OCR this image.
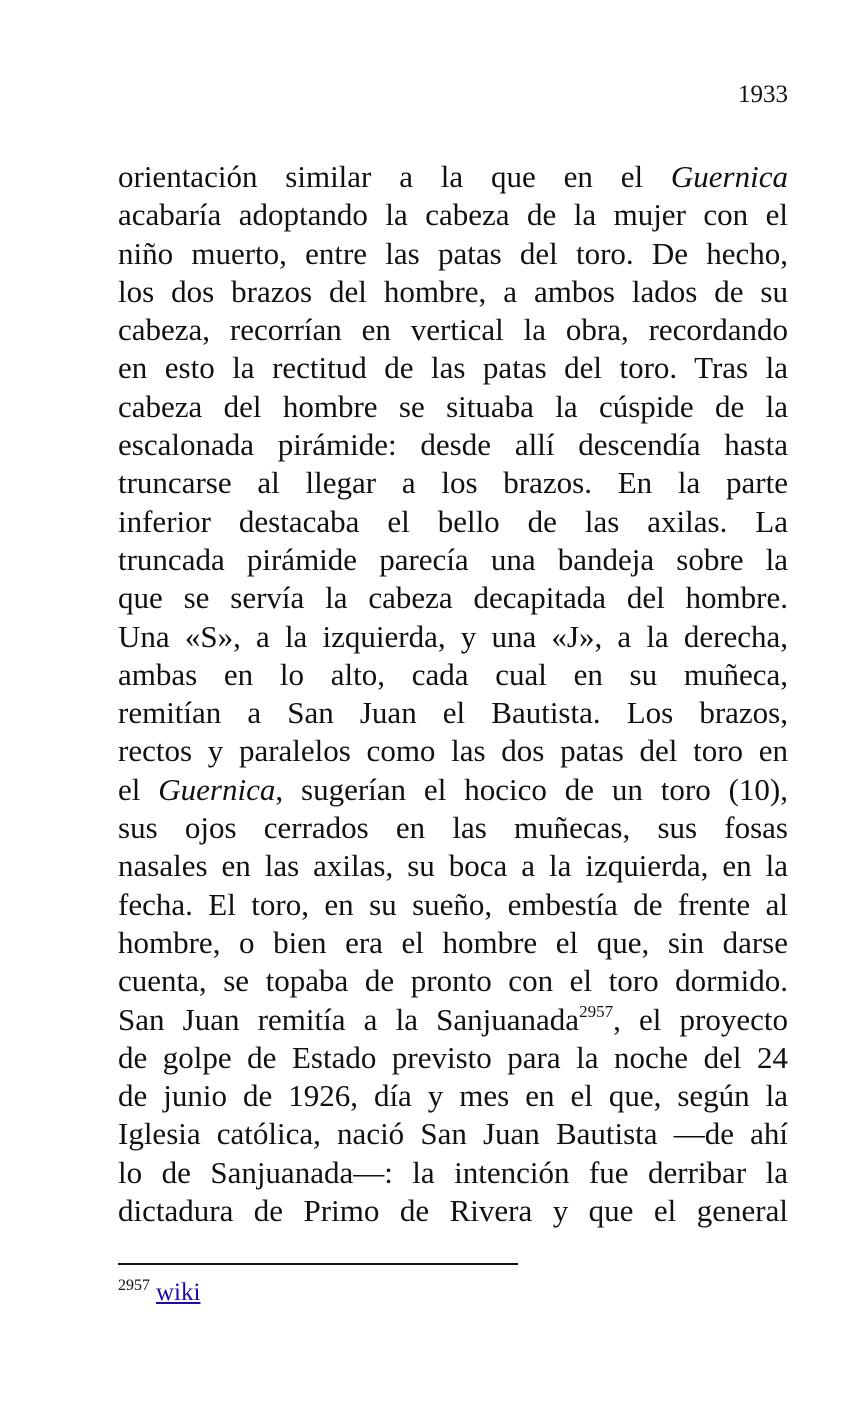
1933
orientación similar a la que en el Guernica
acabaría adoptando la cabeza de la mujer con el
niño muerto, entre las patas del toro. De hecho,
los dos brazos del hombre, a ambos lados de su
cabeza, recorrían en vertical la obra, recordando
en esto la rectitud de las patas del toro. Tras la
cabeza del hombre se situaba la cúspide de la
escalonada pirámide: desde allí descendía hasta
truncarse al llegar a los brazos. En la parte
inferior destacaba el bello de las axilas. La
truncada pirámide parecía una bandeja sobre la
que se servía la cabeza decapitada del hombre.
Una «S», a la izquierda, y una «J», a la derecha,
ambas en lo alto, cada cual en su muñeca,
remitían a San Juan el Bautista. Los brazos,
rectos y paralelos como las dos patas del toro en
el Guernica, sugerían el hocico de un toro (10),
sus ojos cerrados en las muñecas, sus fosas
nasales en las axilas, su boca a la izquierda, en la
fecha. El toro, en su sueño, embestía de frente al
hombre, o bien era el hombre el que, sin darse
cuenta, se topaba de pronto con el toro dormido.
San Juan remitía a la Sanjuanada$^{2957}$, el proyecto
de golpe de Estado previsto para la noche del 24
de junio de 1926, día y mes en el que, según la
Iglesia católica, nació San Juan Bautista ―de ahí
lo de Sanjuanada―: la intención fue derribar la
dictadura de Primo de Rivera y que el general
$^{2957}$ wiki
